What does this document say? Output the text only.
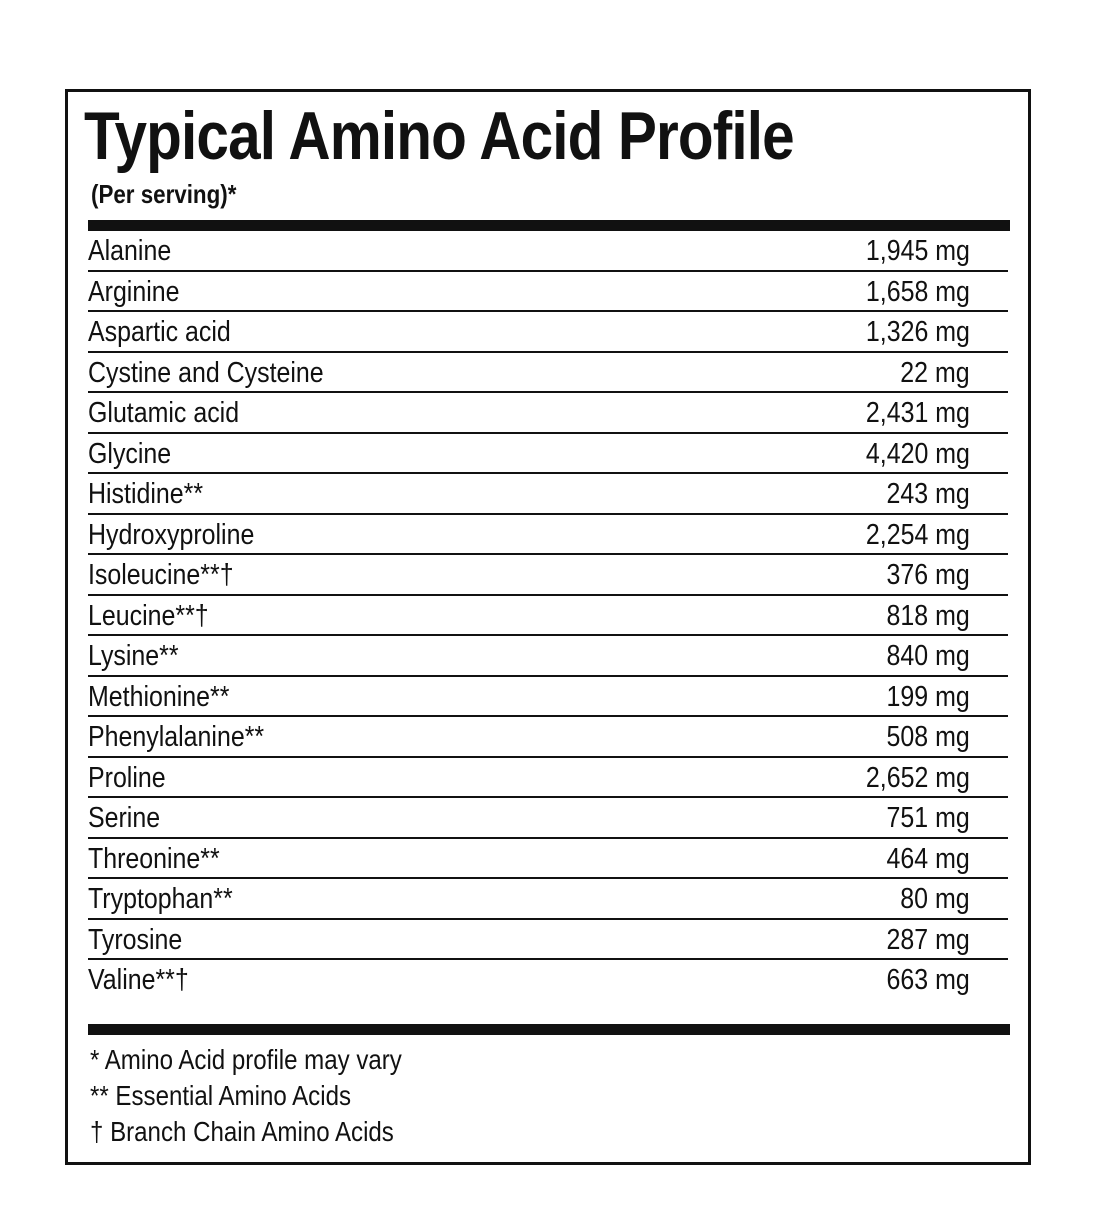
Typical Amino Acid Profile
(Per serving)*
Alanine	1,945 mg
Arginine	1,658 mg
Aspartic acid	1,326 mg
Cystine and Cysteine	22 mg
Glutamic acid	2,431 mg
Glycine	4,420 mg
Histidine**	243 mg
Hydroxyproline	2,254 mg
Isoleucine**†	376 mg
Leucine**†	818 mg
Lysine**	840 mg
Methionine**	199 mg
Phenylalanine**	508 mg
Proline	2,652 mg
Serine	751 mg
Threonine**	464 mg
Tryptophan**	80 mg
Tyrosine	287 mg
Valine**†	663 mg
* Amino Acid profile may vary
** Essential Amino Acids
† Branch Chain Amino Acids
